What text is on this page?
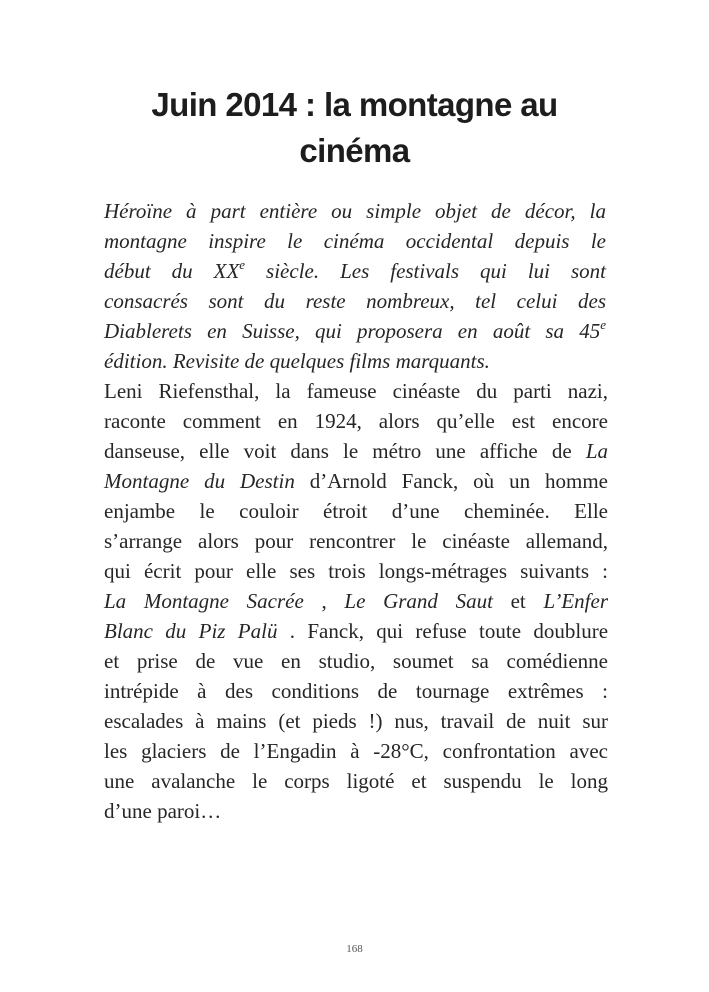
Juin 2014 : la montagne au
cinéma
Héroïne à part entière ou simple objet de décor, la
montagne inspire le cinéma occidental depuis le
début du XXe siècle. Les festivals qui lui sont
consacrés sont du reste nombreux, tel celui des
Diablerets en Suisse, qui proposera en août sa 45e
édition. Revisite de quelques films marquants.
Leni Riefensthal, la fameuse cinéaste du parti nazi,
raconte comment en 1924, alors qu’elle est encore
danseuse, elle voit dans le métro une affiche de La
Montagne du Destin d’Arnold Fanck, où un homme
enjambe le couloir étroit d’une cheminée. Elle
s’arrange alors pour rencontrer le cinéaste allemand,
qui écrit pour elle ses trois longs-métrages suivants :
La Montagne Sacrée , Le Grand Saut et L’Enfer
Blanc du Piz Palü . Fanck, qui refuse toute doublure
et prise de vue en studio, soumet sa comédienne
intrépide à des conditions de tournage extrêmes :
escalades à mains (et pieds !) nus, travail de nuit sur
les glaciers de l’Engadin à -28°C, confrontation avec
une avalanche le corps ligoté et suspendu le long
d’une paroi…
168
